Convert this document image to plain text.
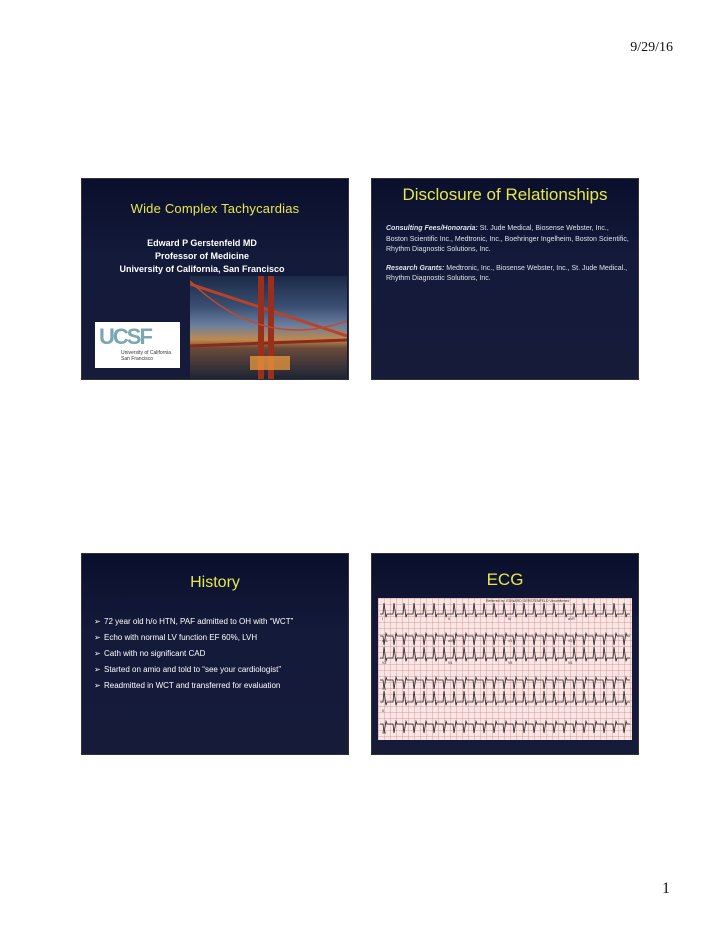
9/29/16
Wide Complex Tachycardias
Edward P Gerstenfeld MD
Professor of Medicine
University of California, San Francisco
UCSF
University of California San Francisco
Disclosure of Relationships

Consulting Fees/Honoraria: St. Jude Medical, Biosense Webster, Inc., Boston Scientific Inc., Medtronic, Inc., Boehringer Ingelheim, Boston Scientific, Rhythm Diagnostic Solutions, Inc.

Research Grants: Medtronic, Inc., Biosense Webster, Inc., St. Jude Medical., Rhythm Diagnostic Solutions, Inc.

History
➢ 72 year old h/o HTN, PAF admitted to OH with “WCT”
➢ Echo with normal LV function EF 60%, LVH
➢ Cath with no significant CAD
➢ Started on amio and told to “see your cardiologist”
➢ Readmitted in WCT and transferred for evaluation
ECG
Referred by: EDWARD GERSTENFELD Unconfirmed
I	II	III	aVR
aVL	aVF	V1	V2
V3	V4	V5	V6
V1
II
V5
1
